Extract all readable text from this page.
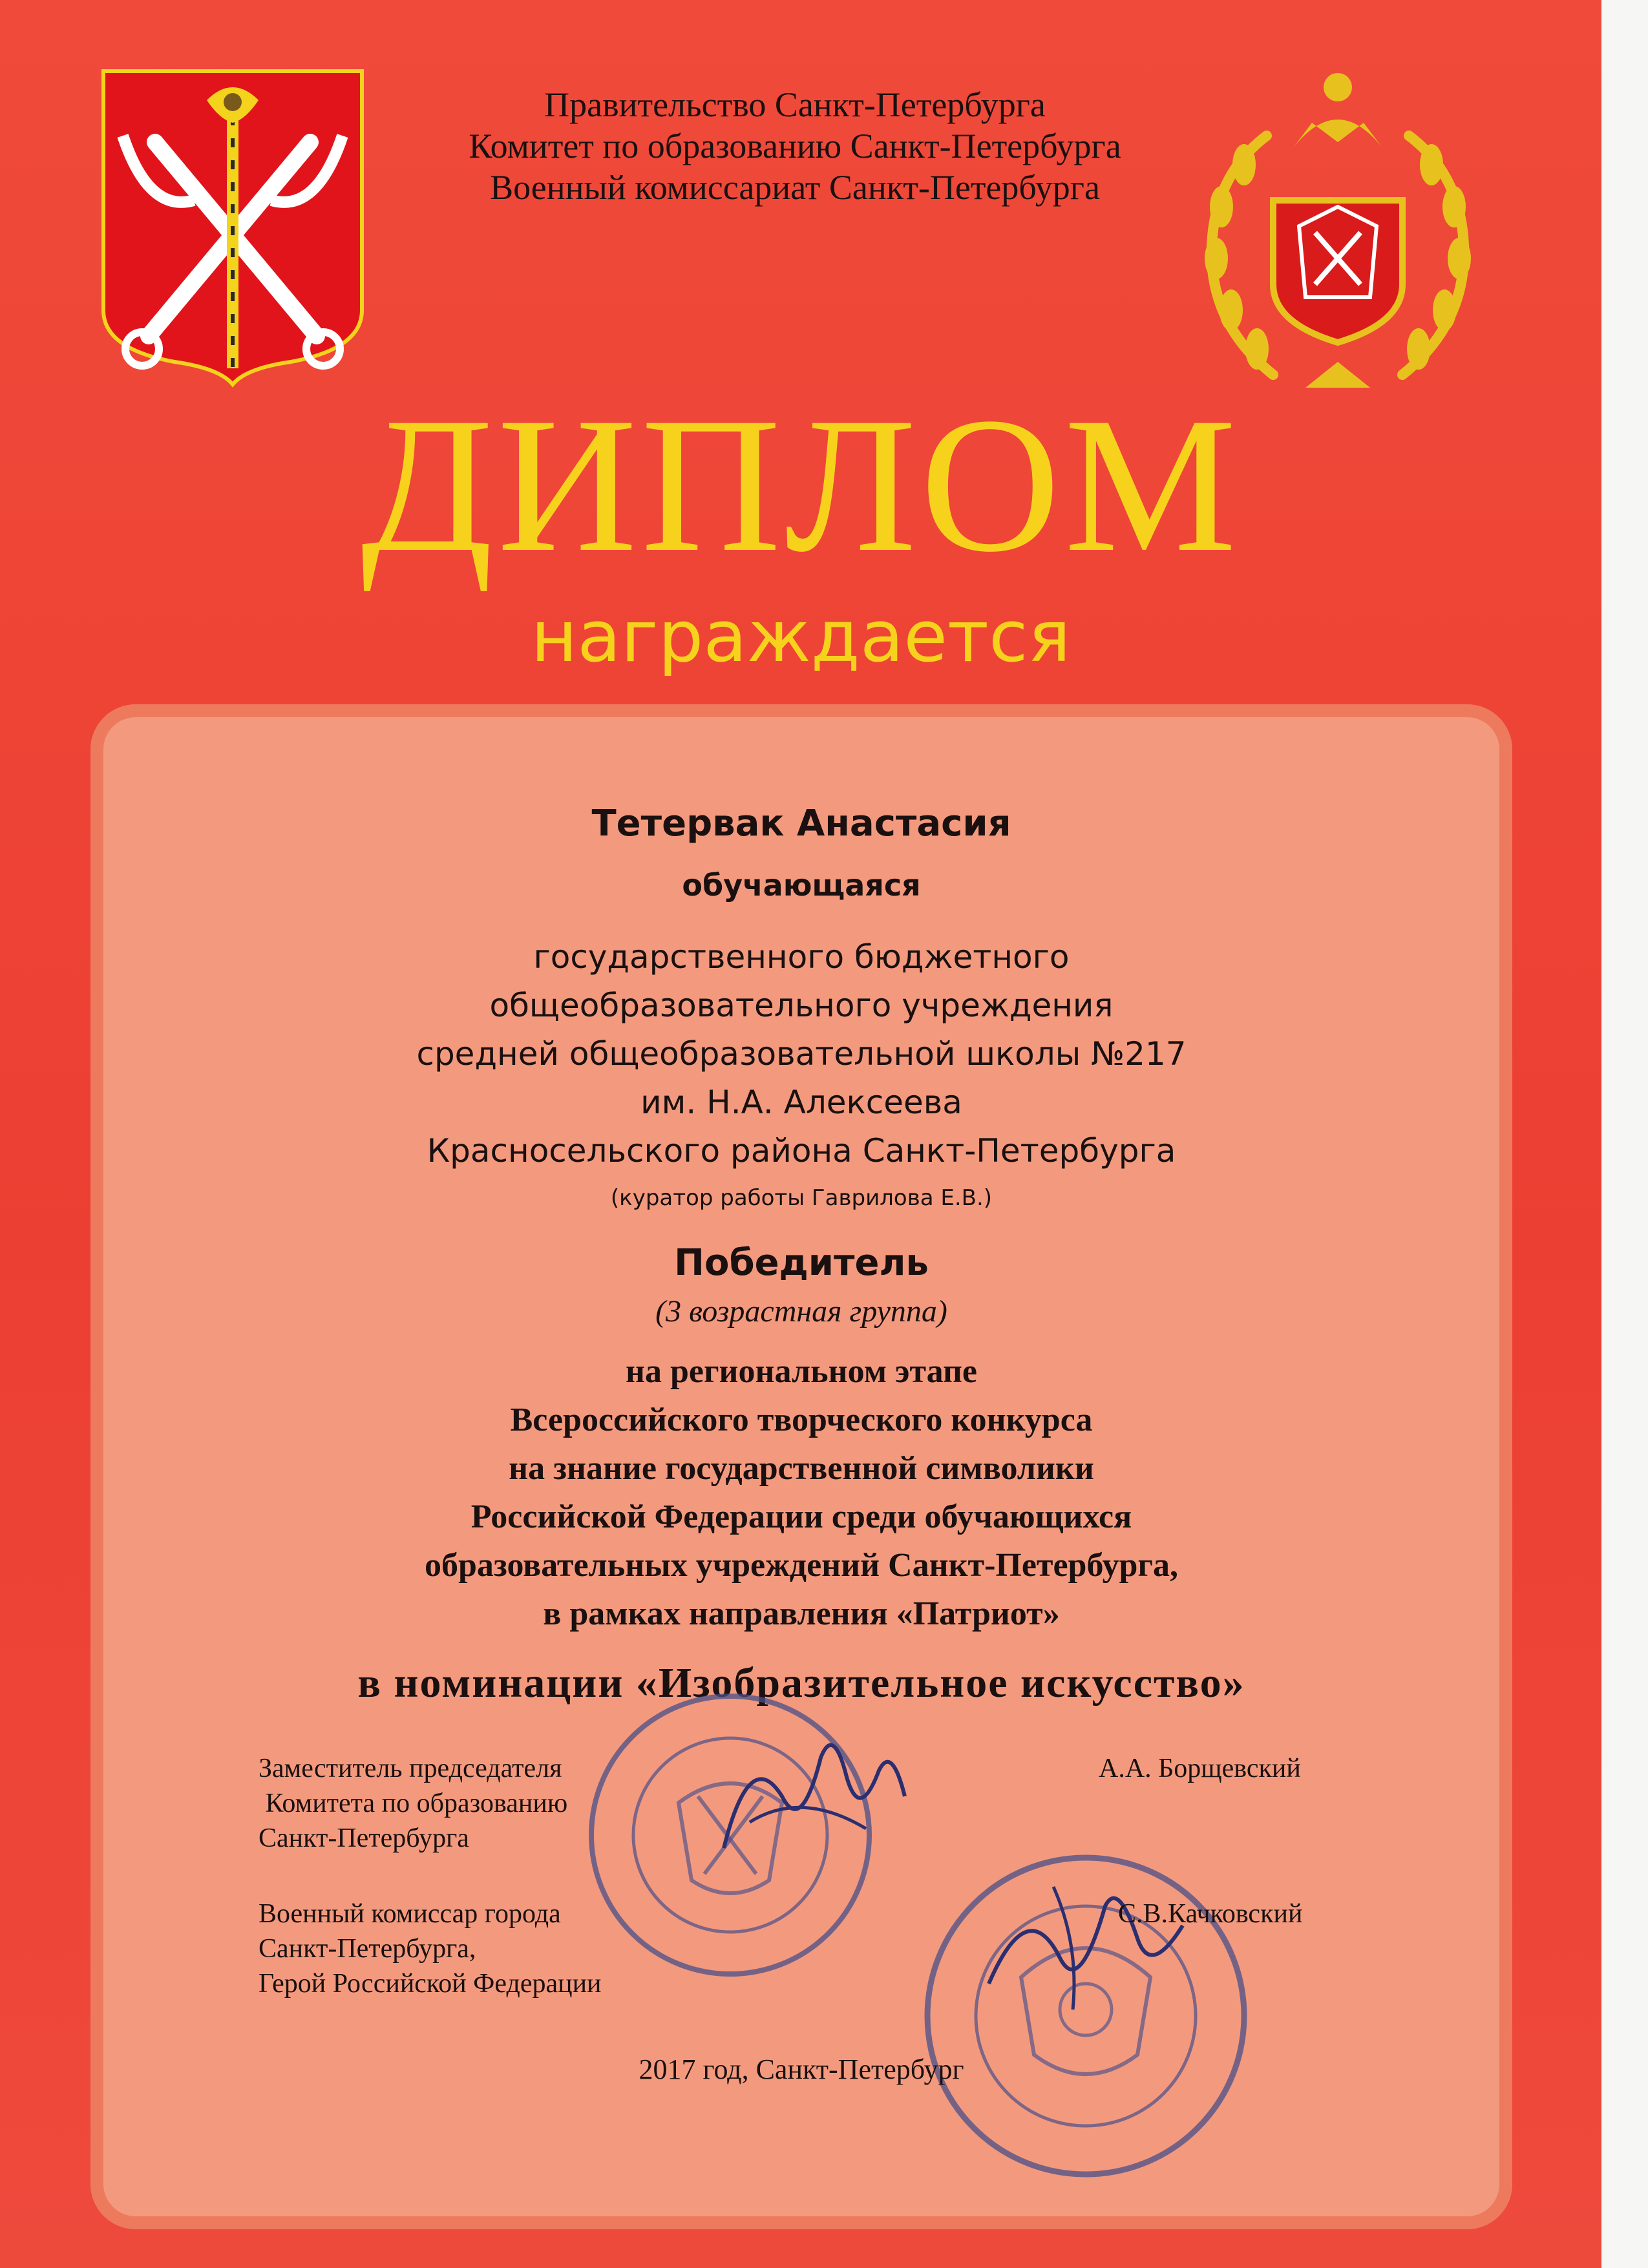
Правительство Санкт-Петербурга
Комитет по образованию Санкт-Петербурга
Военный комиссариат Санкт-Петербурга
ДИПЛОМ
награждается
Тетервак Анастасия
обучающаяся
государственного бюджетного
общеобразовательного учреждения
средней общеобразовательной школы №217
им. Н.А. Алексеева
Красносельского района Санкт-Петербурга
(куратор работы Гаврилова Е.В.)
Победитель
(3 возрастная группа)
на региональном этапе
Всероссийского творческого конкурса
на знание государственной символики
Российской Федерации среди обучающихся
образовательных учреждений Санкт-Петербурга,
в рамках направления «Патриот»
в номинации «Изобразительное искусство»
Заместитель председателя
Комитета по образованию
Санкт-Петербурга
А.А. Борщевский
Военный комиссар города
Санкт-Петербурга,
Герой Российской Федерации
С.В.Качковский
2017 год, Санкт-Петербург
